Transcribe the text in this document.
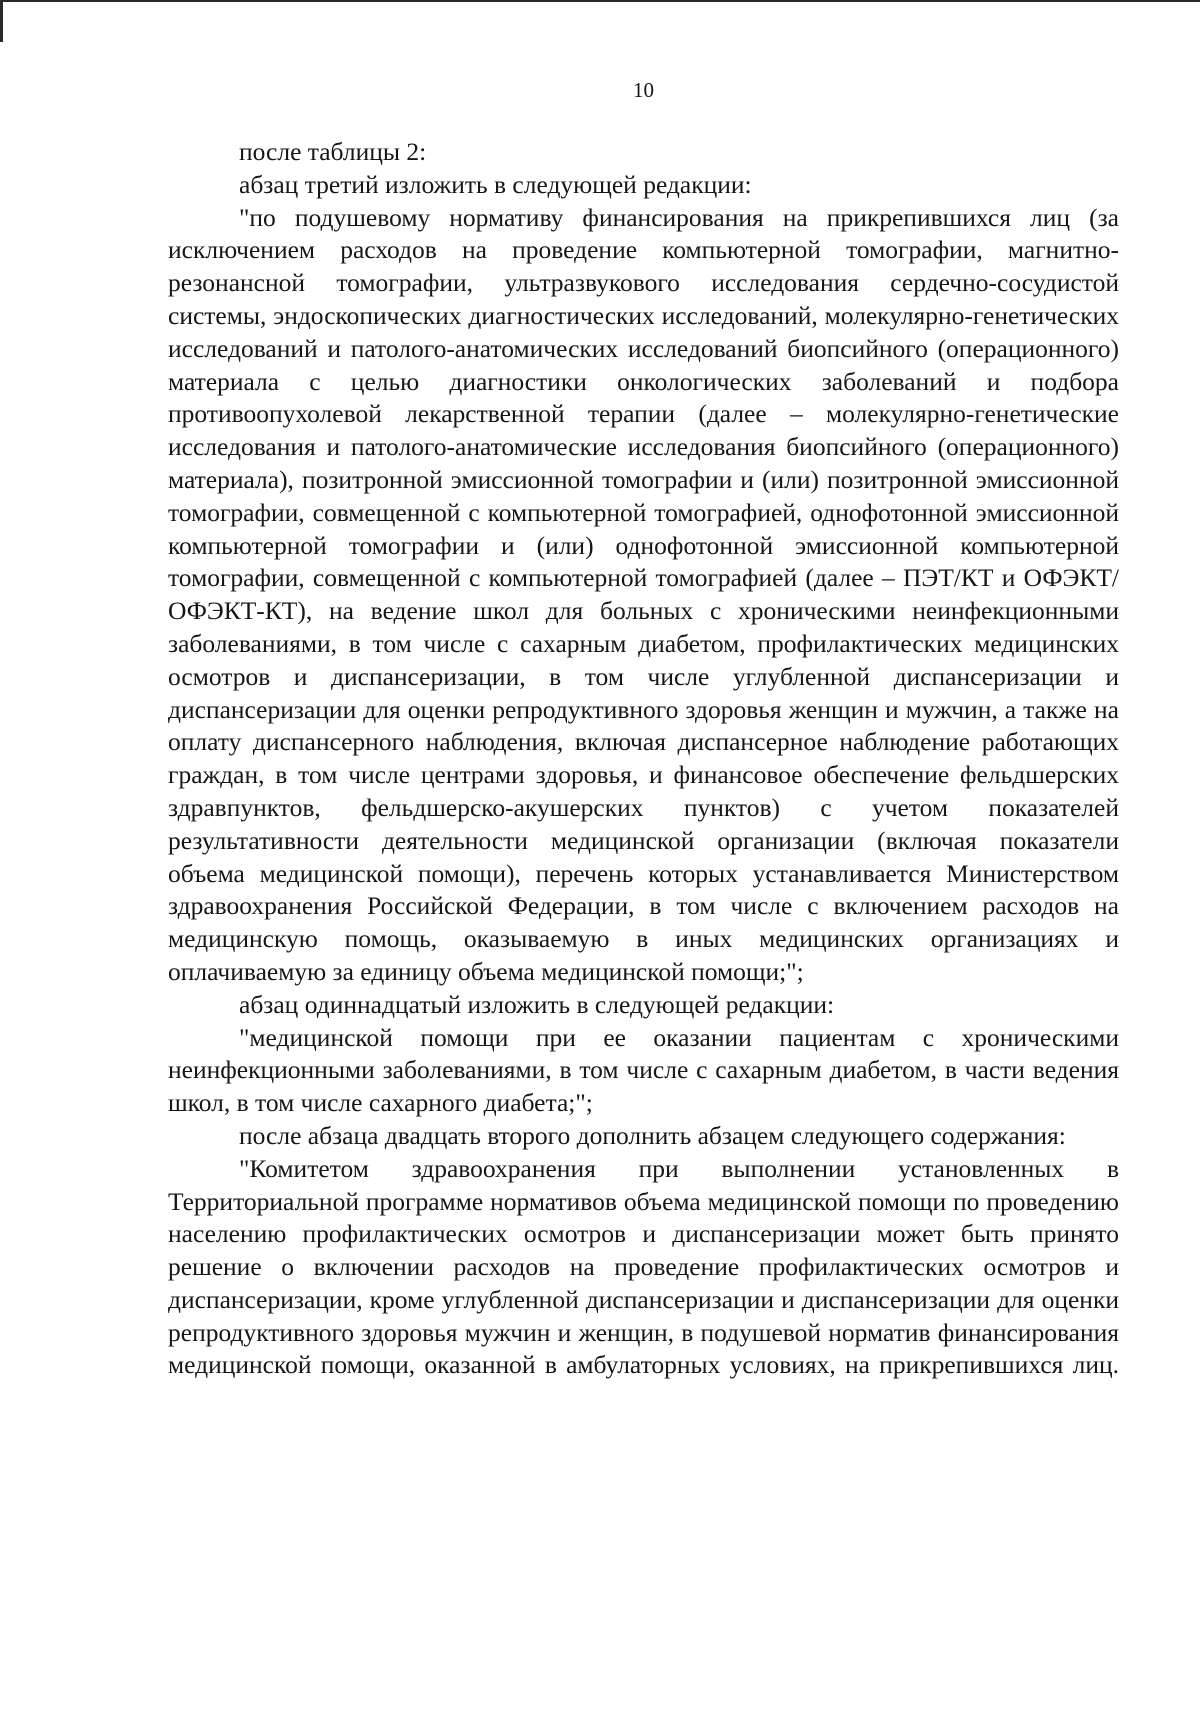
10

после таблицы 2:

абзац третий изложить в следующей редакции:

"по подушевому нормативу финансирования на прикрепившихся лиц (за исключением расходов на проведение компьютерной томографии, магнитно-резонансной томографии, ультразвукового исследования сердечно-сосудистой системы, эндоскопических диагностических исследований, молекулярно-генетических исследований и патолого-анатомических исследований биопсийного (операционного) материала с целью диагностики онкологических заболеваний и подбора противоопухолевой лекарственной терапии (далее – молекулярно-генетические исследования и патолого-анатомические исследования биопсийного (операционного) материала), позитронной эмиссионной томографии и (или) позитронной эмиссионной томографии, совмещенной с компьютерной томографией, однофотонной эмиссионной компьютерной томографии и (или) однофотонной эмиссионной компьютерной томографии, совмещенной с компьютерной томографией (далее – ПЭТ/КТ и ОФЭКТ/ОФЭКТ-КТ), на ведение школ для больных с хроническими неинфекционными заболеваниями, в том числе с сахарным диабетом, профилактических медицинских осмотров и диспансеризации, в том числе углубленной диспансеризации и диспансеризации для оценки репродуктивного здоровья женщин и мужчин, а также на оплату диспансерного наблюдения, включая диспансерное наблюдение работающих граждан, в том числе центрами здоровья, и финансовое обеспечение фельдшерских здравпунктов, фельдшерско-акушерских пунктов) с учетом показателей результативности деятельности медицинской организации (включая показатели объема медицинской помощи), перечень которых устанавливается Министерством здравоохранения Российской Федерации, в том числе с включением расходов на медицинскую помощь, оказываемую в иных медицинских организациях и оплачиваемую за единицу объема медицинской помощи;";

абзац одиннадцатый изложить в следующей редакции:

"медицинской помощи при ее оказании пациентам с хроническими неинфекционными заболеваниями, в том числе с сахарным диабетом, в части ведения школ, в том числе сахарного диабета;";

после абзаца двадцать второго дополнить абзацем следующего содержания:

"Комитетом здравоохранения при выполнении установленных в Территориальной программе нормативов объема медицинской помощи по проведению населению профилактических осмотров и диспансеризации может быть принято решение о включении расходов на проведение профилактических осмотров и диспансеризации, кроме углубленной диспансеризации и диспансеризации для оценки репродуктивного здоровья мужчин и женщин, в подушевой норматив финансирования медицинской помощи, оказанной в амбулаторных условиях, на прикрепившихся лиц.
